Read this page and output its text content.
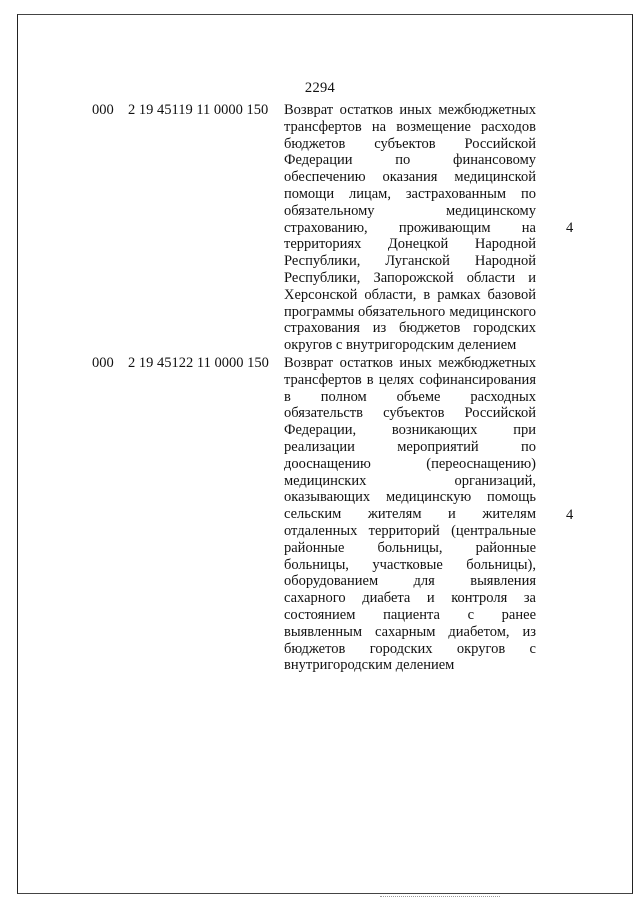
2294
000 2 19 45119 11 0000 150 Возврат остатков иных межбюджетных
трансфертов на возмещение расходов
бюджетов субъектов Российской
Федерации по финансовому
обеспечению оказания медицинской
помощи лицам, застрахованным по
обязательному медицинскому
страхованию, проживающим на
территориях Донецкой Народной
Республики, Луганской Народной
Республики, Запорожской области и
Херсонской области, в рамках базовой
программы обязательного медицинского
страхования из бюджетов городских
округов с внутригородским делением
4
000 2 19 45122 11 0000 150 Возврат остатков иных межбюджетных
трансфертов в целях софинансирования
в полном объеме расходных
обязательств субъектов Российской
Федерации, возникающих при
реализации мероприятий по
дооснащению (переоснащению)
медицинских организаций,
оказывающих медицинскую помощь
сельским жителям и жителям
отдаленных территорий (центральные
районные больницы, районные
больницы, участковые больницы),
оборудованием для выявления
сахарного диабета и контроля за
состоянием пациента с ранее
выявленным сахарным диабетом, из
бюджетов городских округов с
внутригородским делением
4
